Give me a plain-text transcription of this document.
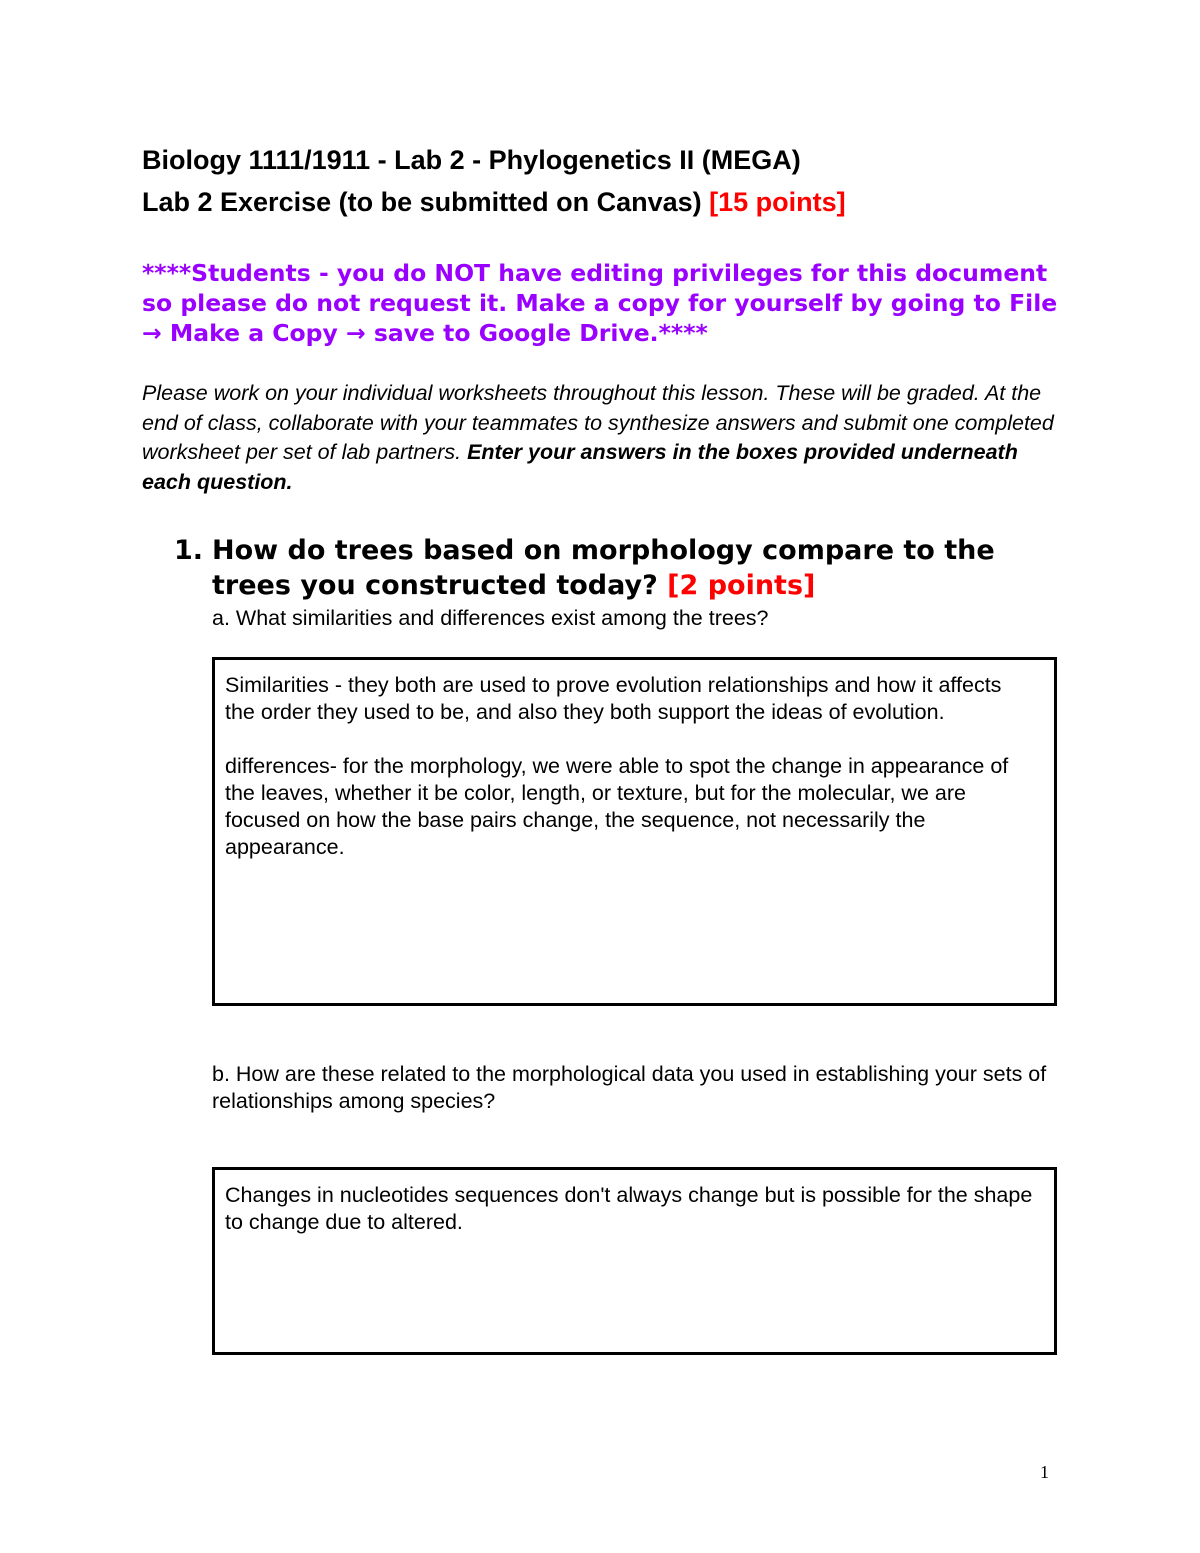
Biology 1111/1911 - Lab 2 - Phylogenetics II (MEGA)
Lab 2 Exercise (to be submitted on Canvas) [15 points]
****Students - you do NOT have editing privileges for this document so please do not request it. Make a copy for yourself by going to File → Make a Copy → save to Google Drive.****
Please work on your individual worksheets throughout this lesson. These will be graded. At the end of class, collaborate with your teammates to synthesize answers and submit one completed worksheet per set of lab partners. Enter your answers in the boxes provided underneath each question.
1. How do trees based on morphology compare to the trees you constructed today? [2 points]
a. What similarities and differences exist among the trees?

Similarities - they both are used to prove evolution relationships and how it affects the order they used to be, and also they both support the ideas of evolution.

differences- for the morphology, we were able to spot the change in appearance of the leaves, whether it be color, length, or texture, but for the molecular, we are focused on how the base pairs change, the sequence, not necessarily the appearance.

b. How are these related to the morphological data you used in establishing your sets of relationships among species?

Changes in nucleotides sequences don't always change but is possible for the shape to change due to altered.

1
